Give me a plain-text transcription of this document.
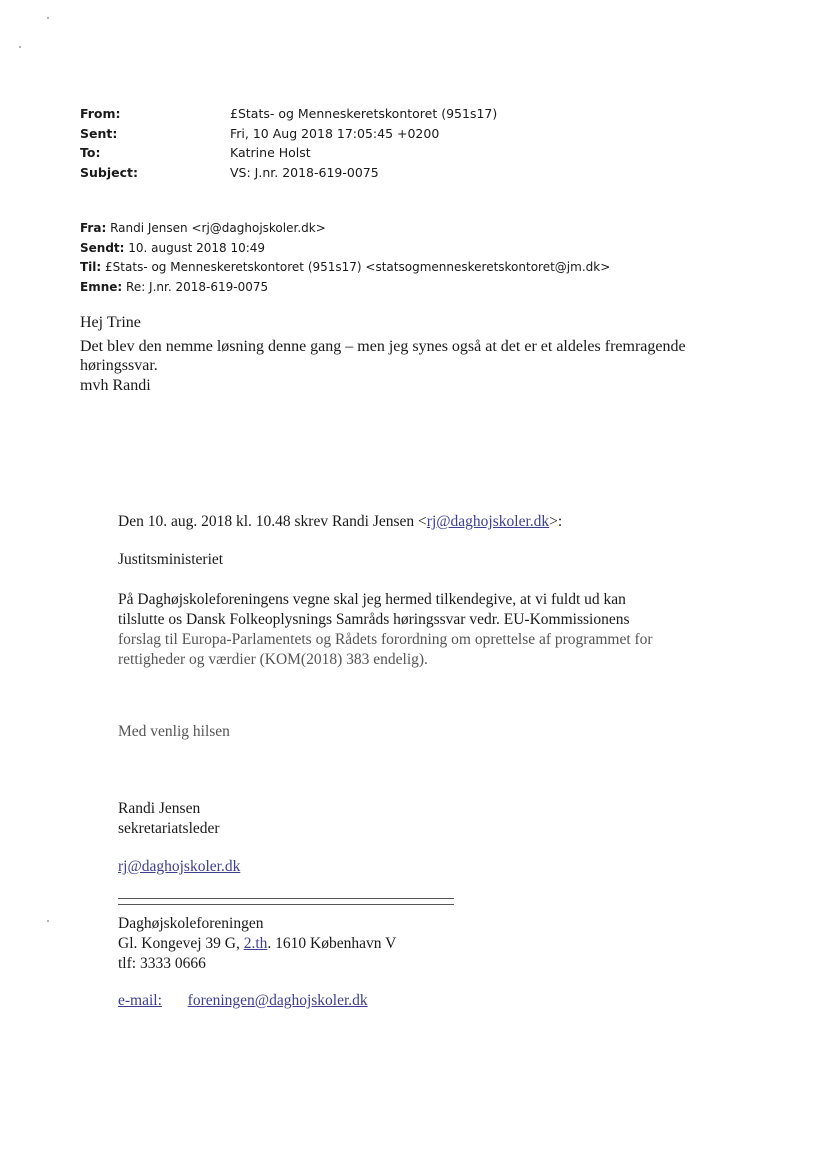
From:	£Stats- og Menneskeretskontoret (951s17)
Sent:	Fri, 10 Aug 2018 17:05:45 +0200
To:	Katrine Holst
Subject:	VS: J.nr. 2018-619-0075
Fra: Randi Jensen <rj@daghojskoler.dk>
Sendt: 10. august 2018 10:49
Til: £Stats- og Menneskeretskontoret (951s17) <statsogmenneskeretskontoret@jm.dk>
Emne: Re: J.nr. 2018-619-0075
Hej Trine
Det blev den nemme løsning denne gang – men jeg synes også at det er et aldeles fremragende
høringssvar.
mvh Randi
Den 10. aug. 2018 kl. 10.48 skrev Randi Jensen <rj@daghojskoler.dk>:
Justitsministeriet
På Daghøjskoleforeningens vegne skal jeg hermed tilkendegive, at vi fuldt ud kan
tilslutte os Dansk Folkeoplysnings Samråds høringssvar vedr. EU-Kommissionens
forslag til Europa-Parlamentets og Rådets forordning om oprettelse af programmet for
rettigheder og værdier (KOM(2018) 383 endelig).
Med venlig hilsen
Randi Jensen
sekretariatsleder
rj@daghojskoler.dk
Daghøjskoleforeningen
Gl. Kongevej 39 G, 2.th. 1610 København V
tlf: 3333 0666
e-mail: foreningen@daghojskoler.dk
